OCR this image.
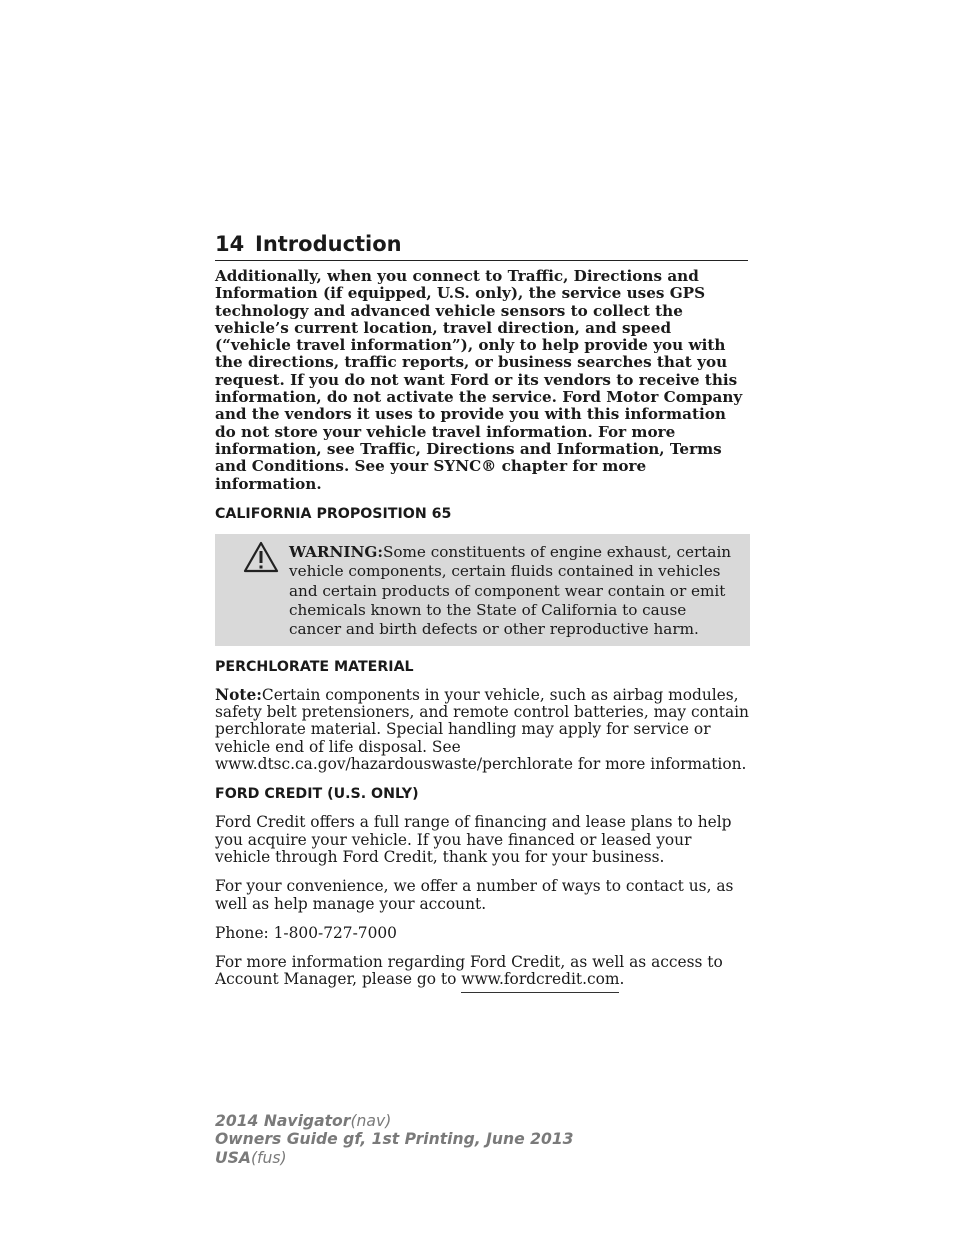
14 Introduction

Additionally, when you connect to Traffic, Directions and Information (if equipped, U.S. only), the service uses GPS technology and advanced vehicle sensors to collect the vehicle’s current location, travel direction, and speed (“vehicle travel information”), only to help provide you with the directions, traffic reports, or business searches that you request. If you do not want Ford or its vendors to receive this information, do not activate the service. Ford Motor Company and the vendors it uses to provide you with this information do not store your vehicle travel information. For more information, see Traffic, Directions and Information, Terms and Conditions. See your SYNC® chapter for more information.

CALIFORNIA PROPOSITION 65
WARNING:Some constituents of engine exhaust, certain vehicle components, certain fluids contained in vehicles and certain products of component wear contain or emit chemicals known to the State of California to cause cancer and birth defects or other reproductive harm.
PERCHLORATE MATERIAL

Note:Certain components in your vehicle, such as airbag modules, safety belt pretensioners, and remote control batteries, may contain perchlorate material. Special handling may apply for service or vehicle end of life disposal. See www.dtsc.ca.gov/hazardouswaste/perchlorate for more information.

FORD CREDIT (U.S. ONLY)

Ford Credit offers a full range of financing and lease plans to help you acquire your vehicle. If you have financed or leased your vehicle through Ford Credit, thank you for your business.

For your convenience, we offer a number of ways to contact us, as well as help manage your account.

Phone: 1-800-727-7000

For more information regarding Ford Credit, as well as access to Account Manager, please go to www.fordcredit.com.

2014 Navigator(nav)
Owners Guide gf, 1st Printing, June 2013
USA(fus)
